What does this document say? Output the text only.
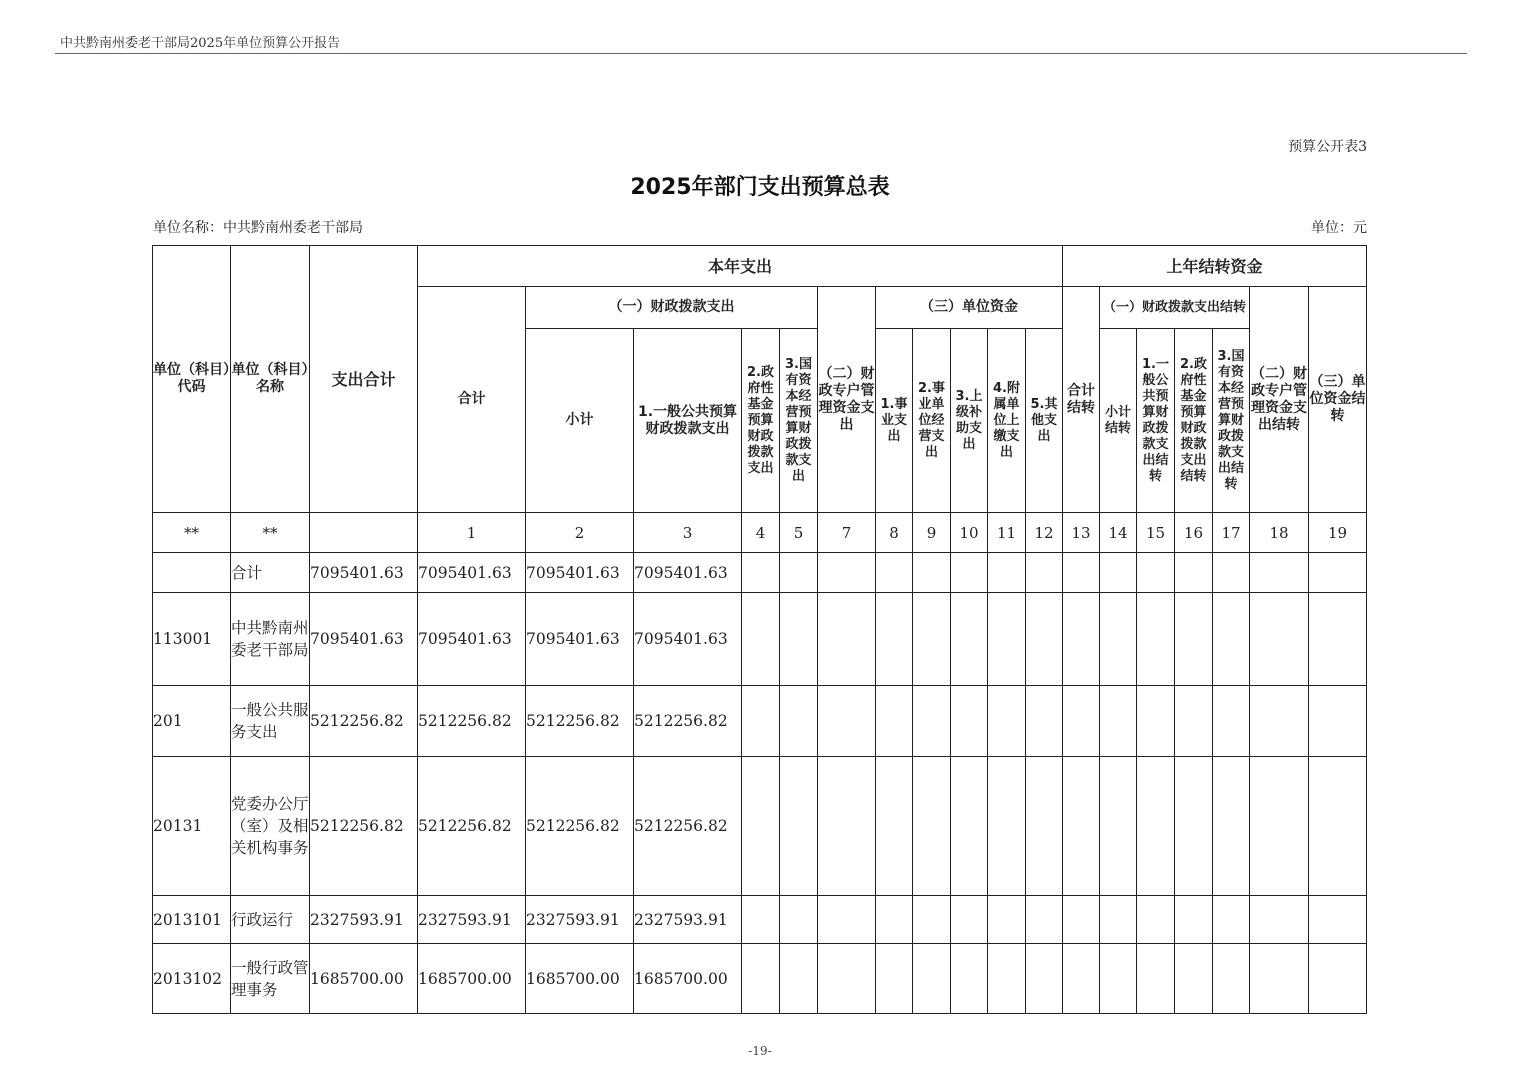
中共黔南州委老干部局2025年单位预算公开报告
预算公开表3
2025年部门支出预算总表
单位名称：中共黔南州委老干部局	单位：元
单位（科目）代码	单位（科目）名称	支出合计	本年支出											上年结转资金						
			合计	（一）财政拨款支出				（二）财政专户管理资金支出	（三）单位资金					合计结转	（一）财政拨款支出结转				（二）财政专户管理资金支出结转	（三）单位资金结转
				小计	1.一般公共预算财政拨款支出	2.政府性基金预算财政拨款支出	3.国有资本经营预算财政拨款支出		1.事业支出	2.事业单位经营支出	3.上级补助支出	4.附属单位上缴支出	5.其他支出		小计结转	1.一般公共预算财政拨款支出结转	2.政府性基金预算财政拨款支出结转	3.国有资本经营预算财政拨款支出结转		
**	**		1	2	3	4	5	7	8	9	10	11	12	13	14	15	16	17	18	19
	合计	7095401.63	7095401.63	7095401.63	7095401.63															
113001	中共黔南州委老干部局	7095401.63	7095401.63	7095401.63	7095401.63															
201	一般公共服务支出	5212256.82	5212256.82	5212256.82	5212256.82															
20131	党委办公厅（室）及相关机构事务	5212256.82	5212256.82	5212256.82	5212256.82															
2013101	行政运行	2327593.91	2327593.91	2327593.91	2327593.91															
2013102	一般行政管理事务	1685700.00	1685700.00	1685700.00	1685700.00															
-19-
